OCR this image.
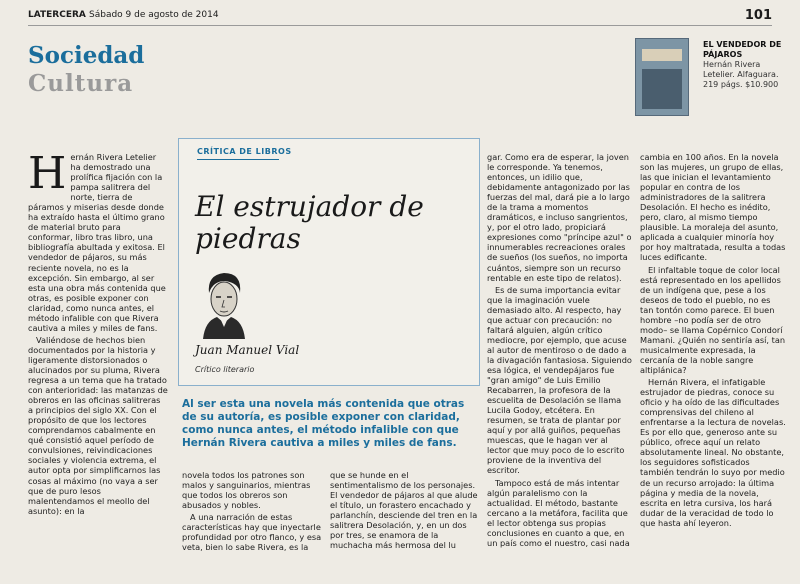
LATERCERA Sábado 9 de agosto de 2014	101
Sociedad
Cultura
EL VENDEDOR DE PÁJAROS
Hernán Rivera Letelier. Alfaguara.
219 págs. $10.900

Hernán Rivera Letelier ha demostrado una prolífica fijación con la pampa salitrera del norte, tierra de páramos y miserias desde donde ha extraído hasta el último grano de material bruto para conformar, libro tras libro, una bibliografía abultada y exitosa. El vendedor de pájaros, su más reciente novela, no es la excepción. Sin embargo, al ser esta una obra más contenida que otras, es posible exponer con claridad, como nunca antes, el método infalible con que Rivera cautiva a miles y miles de fans.

Valiéndose de hechos bien documentados por la historia y ligeramente distorsionados o alucinados por su pluma, Rivera regresa a un tema que ha tratado con anterioridad: las matanzas de obreros en las oficinas salitreras a principios del siglo XX. Con el propósito de que los lectores comprendamos cabalmente en qué consistió aquel período de convulsiones, reivindicaciones sociales y violencia extrema, el autor opta por simplificarnos las cosas al máximo (no vaya a ser que de puro lesos malentendamos el meollo del asunto): en la

CRÍTICA DE LIBROS
El estrujador de piedras
Juan Manuel Vial
Crítico literario
Al ser esta una novela más contenida que otras de su autoría, es posible exponer con claridad, como nunca antes, el método infalible con que Hernán Rivera cautiva a miles y miles de fans.

novela todos los patrones son malos y sanguinarios, mientras que todos los obreros son abusados y nobles.

A una narración de estas características hay que inyectarle profundidad por otro flanco, y esa veta, bien lo sabe Rivera, es la

que se hunde en el sentimentalismo de los personajes. El vendedor de pájaros al que alude el título, un forastero encachado y parlanchín, desciende del tren en la salitrera Desolación, y, en un dos por tres, se enamora de la muchacha más hermosa del lu

gar. Como era de esperar, la joven le corresponde. Ya tenemos, entonces, un idilio que, debidamente antagonizado por las fuerzas del mal, dará pie a lo largo de la trama a momentos dramáticos, e incluso sangrientos, y, por el otro lado, propiciará expresiones como "príncipe azul" o innumerables recreaciones orales de sueños (los sueños, no importa cuántos, siempre son un recurso rentable en este tipo de relatos).

Es de suma importancia evitar que la imaginación vuele demasiado alto. Al respecto, hay que actuar con precaución: no faltará alguien, algún crítico mediocre, por ejemplo, que acuse al autor de mentiroso o de dado a la divagación fantasiosa. Siguiendo esa lógica, el vendepájaros fue "gran amigo" de Luis Emilio Recabarren, la profesora de la escuelita de Desolación se llama Lucila Godoy, etcétera. En resumen, se trata de plantar por aquí y por allá guiños, pequeñas muescas, que le hagan ver al lector que muy poco de lo escrito proviene de la inventiva del escritor.

Tampoco está de más intentar algún paralelismo con la actualidad. El método, bastante cercano a la metáfora, facilita que el lector obtenga sus propias conclusiones en cuanto a que, en un país como el nuestro, casi nada

cambia en 100 años. En la novela son las mujeres, un grupo de ellas, las que inician el levantamiento popular en contra de los administradores de la salitrera Desolación. El hecho es inédito, pero, claro, al mismo tiempo plausible. La moraleja del asunto, aplicada a cualquier minoría hoy por hoy maltratada, resulta a todas luces edificante.

El infaltable toque de color local está representado en los apellidos de un indígena que, pese a los deseos de todo el pueblo, no es tan tontón como parece. El buen hombre –no podía ser de otro modo– se llama Copérnico Condorí Mamani. ¿Quién no sentiría así, tan musicalmente expresada, la cercanía de la noble sangre altiplánica?

Hernán Rivera, el infatigable estrujador de piedras, conoce su oficio y ha oído de las dificultades comprensivas del chileno al enfrentarse a la lectura de novelas. Es por ello que, generoso ante su público, ofrece aquí un relato absolutamente lineal. No obstante, los seguidores sofisticados también tendrán lo suyo por medio de un recurso arrojado: la última página y media de la novela, escrita en letra cursiva, los hará dudar de la veracidad de todo lo que hasta ahí leyeron.
